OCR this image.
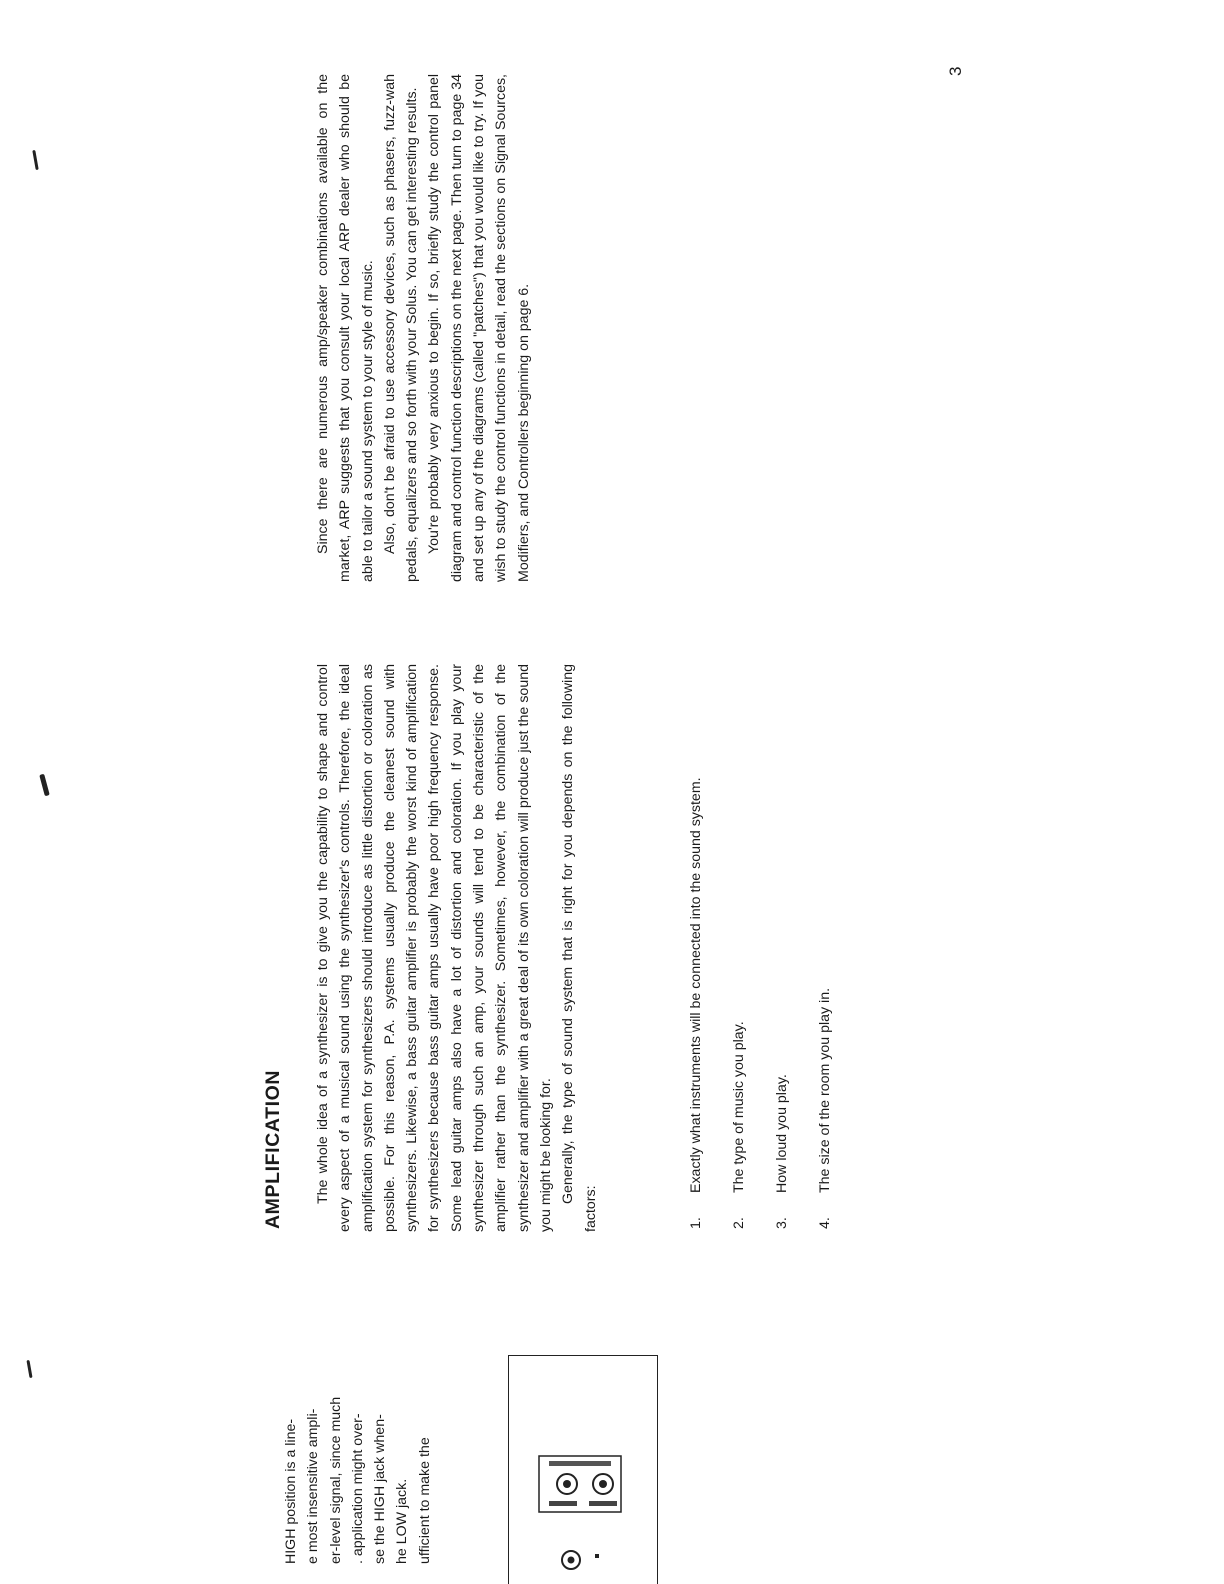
HIGH position is a line- e most insensitive ampli- er-level signal, since much . application might over- se the HIGH jack when- he LOW jack. ufficient to make the
AMPLIFICATION The whole idea of a synthesizer is to give you the capability to shape and control every aspect of a musical sound using the synthesizer's controls. Therefore, the ideal amplification system for synthesizers should introduce as little distortion or coloration as possible. For this reason, P.A. systems usually produce the cleanest sound with synthesizers. Likewise, a bass guitar amplifier is probably the worst kind of amplification for synthesizers because bass guitar amps usually have poor high frequency response. Some lead guitar amps also have a lot of distortion and coloration. If you play your synthesizer through such an amp, your sounds will tend to be characteristic of the amplifier rather than the synthesizer. Sometimes, however, the combination of the synthesizer and amplifier with a great deal of its own coloration will produce just the sound you might be looking for. Generally, the type of sound system that is right for you depends on the following factors:	1.
Exactly what instruments will be connected into the sound system.
2.
The type of music you play.
3.
How loud you play.
4.
The size of the room you play in.

Since there are numerous amp/speaker combinations available on the market, ARP suggests that you consult your local ARP dealer who should be able to tailor a sound system to your style of music. Also, don't be afraid to use accessory devices, such as phasers, fuzz-wah pedals, equalizers and so forth with your Solus. You can get interesting results. You're probably very anxious to begin. If so, briefly study the control panel diagram and control function descriptions on the next page. Then turn to page 34 and set up any of the diagrams (called "patches") that you would like to try. If you wish to study the control functions in detail, read the sections on Signal Sources, Modifiers, and Controllers beginning on page 6.

3
